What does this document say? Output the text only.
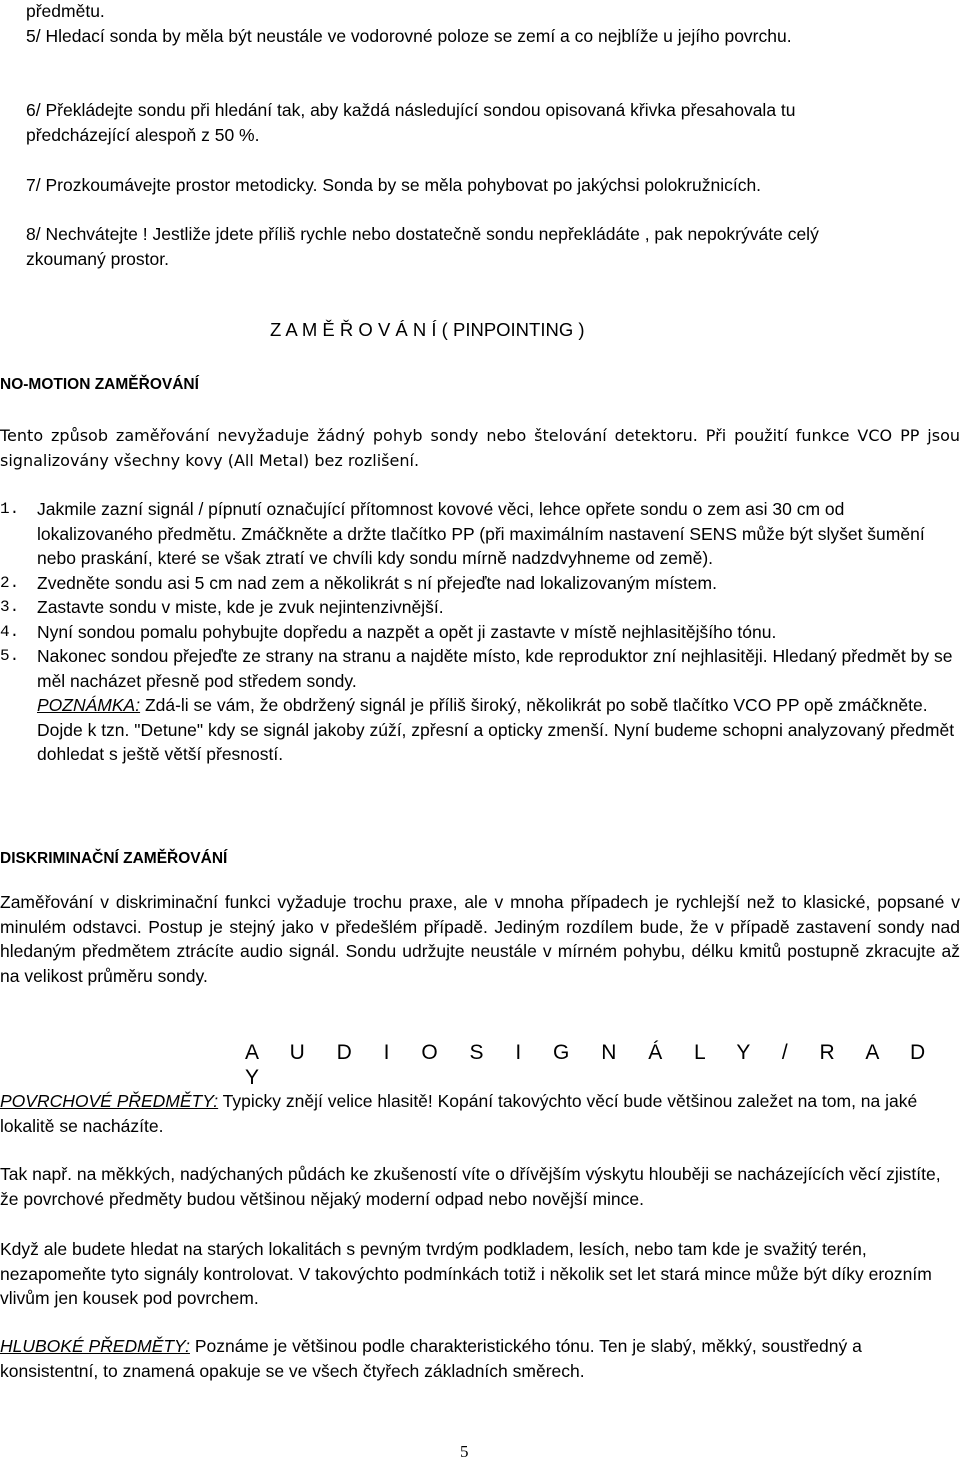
předmětu.

5/ Hledací sonda by měla být neustále ve vodorovné poloze se zemí a co nejblíže u jejího povrchu.

6/ Překládejte sondu při hledání tak, aby každá následující sondou opisovaná křivka přesahovala tu předcházející alespoň z 50 %.

7/ Prozkoumávejte prostor metodicky. Sonda by se měla pohybovat po jakýchsi polokružnicích.

8/ Nechvátejte ! Jestliže jdete příliš rychle nebo dostatečně sondu nepřekládáte , pak nepokrýváte celý zkoumaný prostor.

Z A M Ě Ř O V Á N Í ( PINPOINTING )

NO-MOTION ZAMĚŘOVÁNÍ

Tento způsob zaměřování nevyžaduje žádný pohyb sondy nebo štelování detektoru. Při použití funkce VCO PP jsou signalizovány všechny kovy (All Metal) bez rozlišení.

1. Jakmile zazní signál / pípnutí označující přítomnost kovové věci, lehce opřete sondu o zem asi 30 cm od lokalizovaného předmětu. Zmáčkněte a držte tlačítko PP (při maximálním nastavení SENS může být slyšet šumění nebo praskání, které se však ztratí ve chvíli kdy sondu mírně nadzdvyhneme od země).
2. Zvedněte sondu asi 5 cm nad zem a několikrát s ní přejeďte nad lokalizovaným místem.
3. Zastavte sondu v miste, kde je zvuk nejintenzivnější.
4. Nyní sondou pomalu pohybujte dopředu a nazpět a opět ji zastavte v místě nejhlasitějšího tónu.
5. Nakonec sondou přejeďte ze strany na stranu a najděte místo, kde reproduktor zní nejhlasitěji. Hledaný předmět by se měl nacházet přesně pod středem sondy.
POZNÁMKA: Zdá-li se vám, že obdržený signál je příliš široký, několikrát po sobě tlačítko VCO PP opě zmáčkněte. Dojde k tzn. "Detune" kdy se signál jakoby zúží, zpřesní a opticky zmenší. Nyní budeme schopni analyzovaný předmět dohledat s ještě větší přesností.

DISKRIMINAČNÍ ZAMĚŘOVÁNÍ

Zaměřování v diskriminační funkci vyžaduje trochu praxe, ale v mnoha případech je rychlejší než to klasické, popsané v minulém odstavci. Postup je stejný jako v předešlém případě. Jediným rozdílem bude, že v případě zastavení sondy nad hledaným předmětem ztrácíte audio signál. Sondu udržujte neustále v mírném pohybu, délku kmitů postupně zkracujte až na velikost průměru sondy.

A U D I O S I G N Á L Y / R A D Y

POVRCHOVÉ PŘEDMĚTY: Typicky znějí velice hlasitě! Kopání takovýchto věcí bude většinou zaležet na tom, na jaké lokalitě se nacházíte.

Tak např. na měkkých, nadýchaných půdách ke zkušeností víte o dřívějším výskytu hlouběji se nacházejících věcí zjistíte, že povrchové předměty budou většinou nějaký moderní odpad nebo novější mince.

Když ale budete hledat na starých lokalitách s pevným tvrdým podkladem, lesích, nebo tam kde je svažitý terén, nezapomeňte tyto signály kontrolovat. V takovýchto podmínkách totiž i několik set let stará mince může být díky erozním vlivům jen kousek pod povrchem.

HLUBOKÉ PŘEDMĚTY: Poznáme je většinou podle charakteristického tónu. Ten je slabý, měkký, soustředný a konsistentní, to znamená opakuje se ve všech čtyřech základních směrech.

5
